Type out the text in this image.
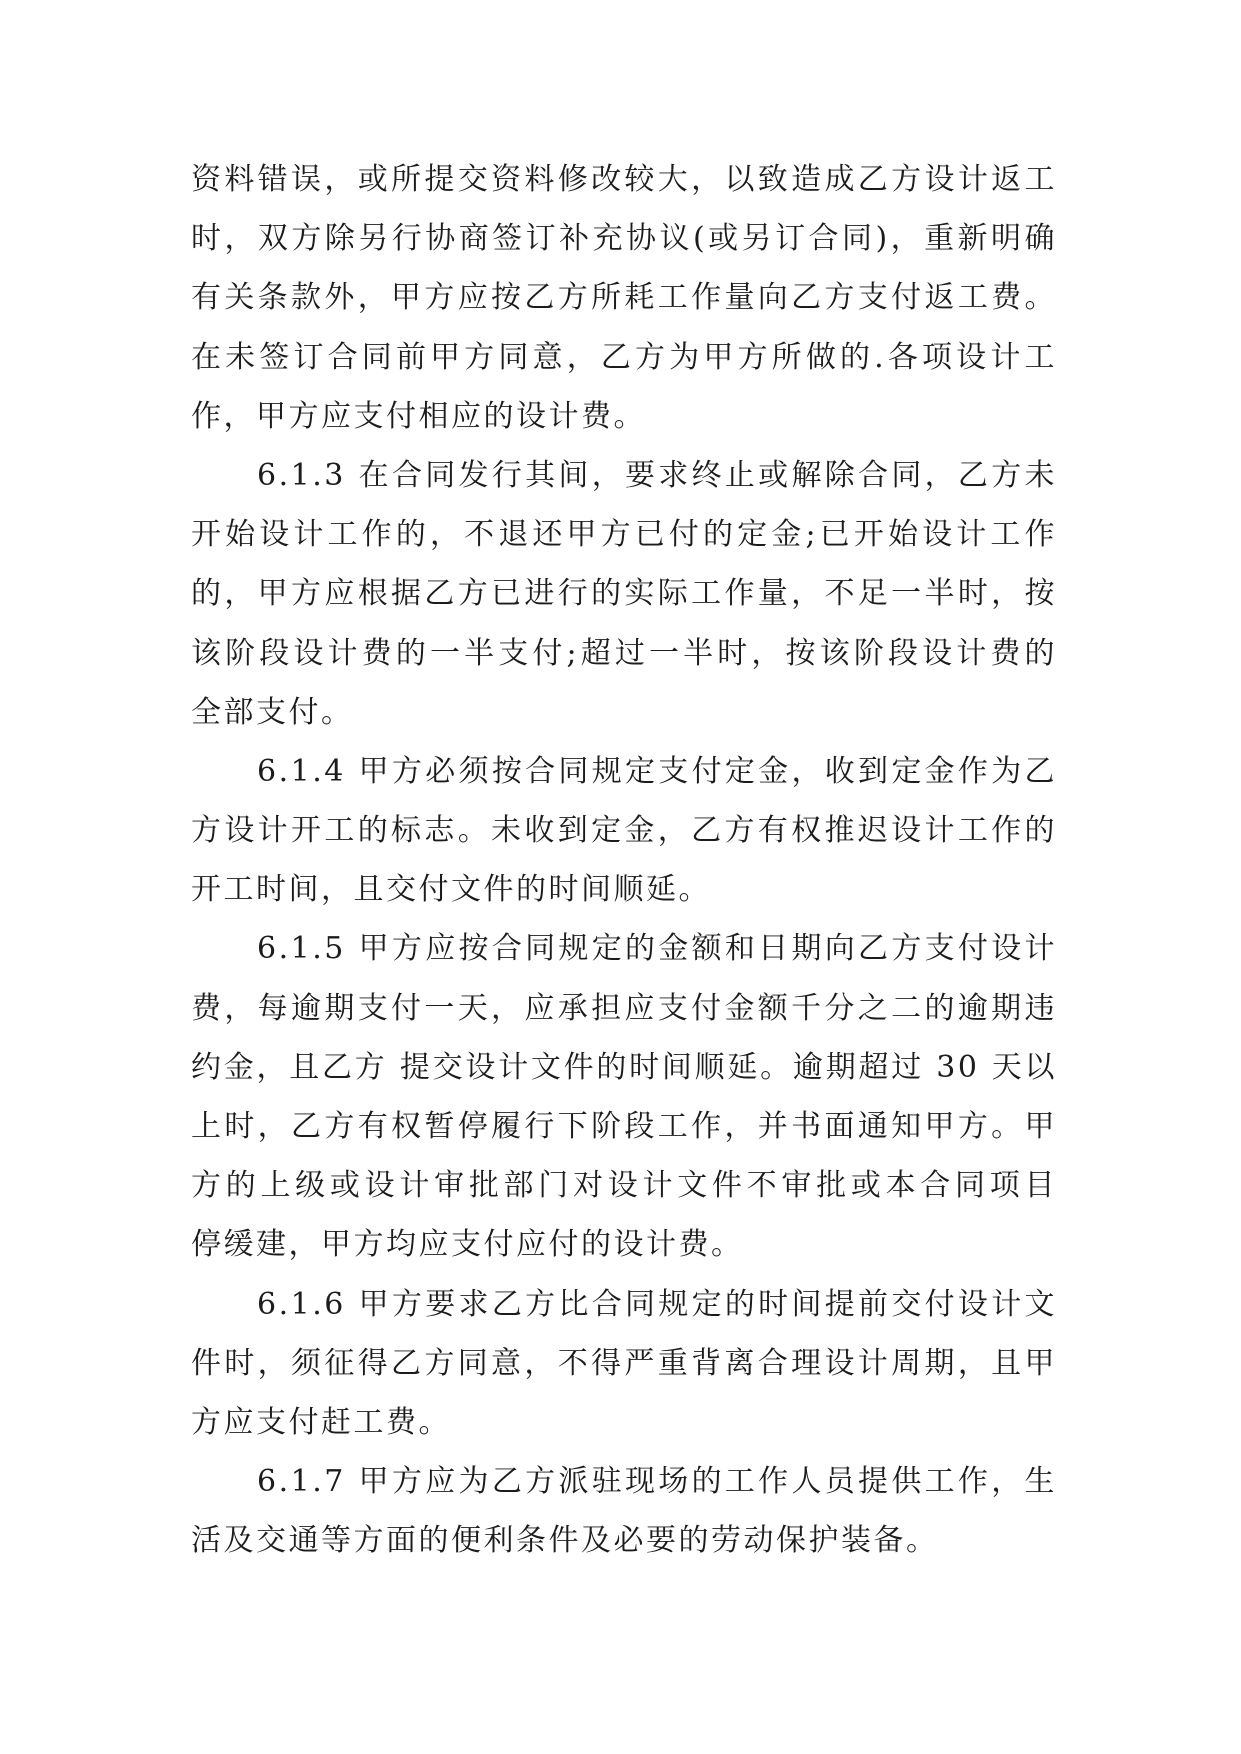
资料错误，或所提交资料修改较大，以致造成乙方设计返工
时，双方除另行协商签订补充协议(或另订合同)，重新明确
有关条款外，甲方应按乙方所耗工作量向乙方支付返工费。
在未签订合同前甲方同意，乙方为甲方所做的.各项设计工
作，甲方应支付相应的设计费。
6.1.3 在合同发行其间，要求终止或解除合同，乙方未
开始设计工作的，不退还甲方已付的定金;已开始设计工作
的，甲方应根据乙方已进行的实际工作量，不足一半时，按
该阶段设计费的一半支付;超过一半时，按该阶段设计费的
全部支付。
6.1.4 甲方必须按合同规定支付定金，收到定金作为乙
方设计开工的标志。未收到定金，乙方有权推迟设计工作的
开工时间，且交付文件的时间顺延。
6.1.5 甲方应按合同规定的金额和日期向乙方支付设计
费，每逾期支付一天，应承担应支付金额千分之二的逾期违
约金，且乙方 提交设计文件的时间顺延。逾期超过 30 天以
上时，乙方有权暂停履行下阶段工作，并书面通知甲方。甲
方的上级或设计审批部门对设计文件不审批或本合同项目
停缓建，甲方均应支付应付的设计费。
6.1.6 甲方要求乙方比合同规定的时间提前交付设计文
件时，须征得乙方同意，不得严重背离合理设计周期，且甲
方应支付赶工费。
6.1.7 甲方应为乙方派驻现场的工作人员提供工作，生
活及交通等方面的便利条件及必要的劳动保护装备。
